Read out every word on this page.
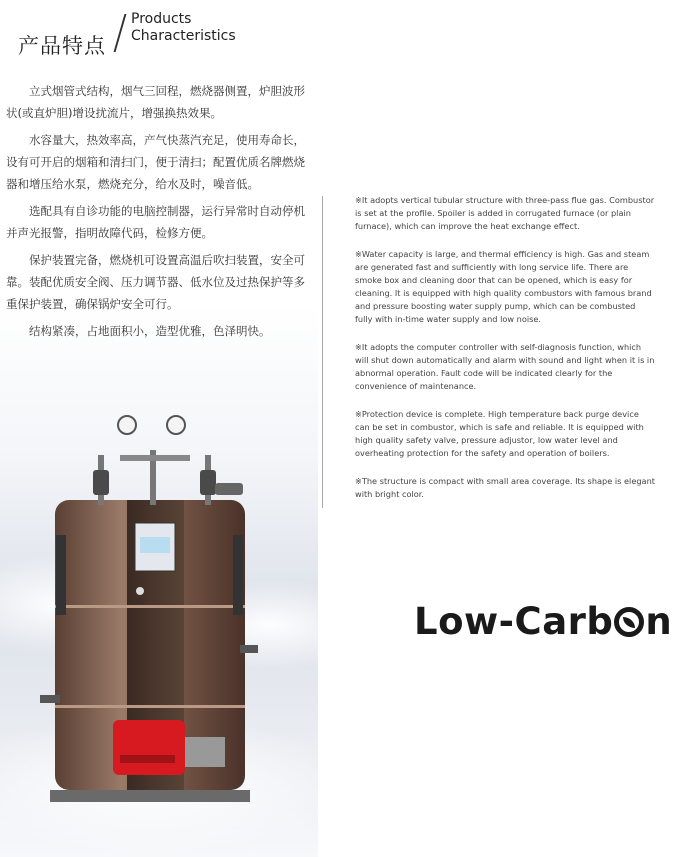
产品特点
Products
Characteristics

立式烟管式结构，烟气三回程，燃烧器侧置，炉胆波形状(或直炉胆)增设扰流片，增强换热效果。

水容量大，热效率高，产气快蒸汽充足，使用寿命长，设有可开启的烟箱和清扫门，便于清扫；配置优质名牌燃烧器和增压给水泵，燃烧充分，给水及时，噪音低。

选配具有自诊功能的电脑控制器，运行异常时自动停机并声光报警，指明故障代码，检修方便。

保护装置完备，燃烧机可设置高温后吹扫装置，安全可靠。装配优质安全阀、压力调节器、低水位及过热保护等多重保护装置，确保锅炉安全可行。

结构紧凑，占地面积小，造型优雅，色泽明快。

※It adopts vertical tubular structure with three-pass flue gas. Combustor is set at the profile. Spoiler is added in corrugated furnace (or plain furnace), which can improve the heat exchange effect.

※Water capacity is large, and thermal efficiency is high. Gas and steam are generated fast and sufficiently with long service life. There are smoke box and cleaning door that can be opened, which is easy for cleaning. It is equipped with high quality combustors with famous brand and pressure boosting water supply pump, which can be combusted fully with in-time water supply and low noise.

※It adopts the computer controller with self-diagnosis function, which will shut down automatically and alarm with sound and light when it is in abnormal operation. Fault code will be indicated clearly for the convenience of maintenance.

※Protection device is complete. High temperature back purge device can be set in combustor, which is safe and reliable. It is equipped with high quality safety valve, pressure adjustor, low water level and overheating protection for the safety and operation of boilers.

※The structure is compact with small area coverage. Its shape is elegant with bright color.

Low-Carb n
